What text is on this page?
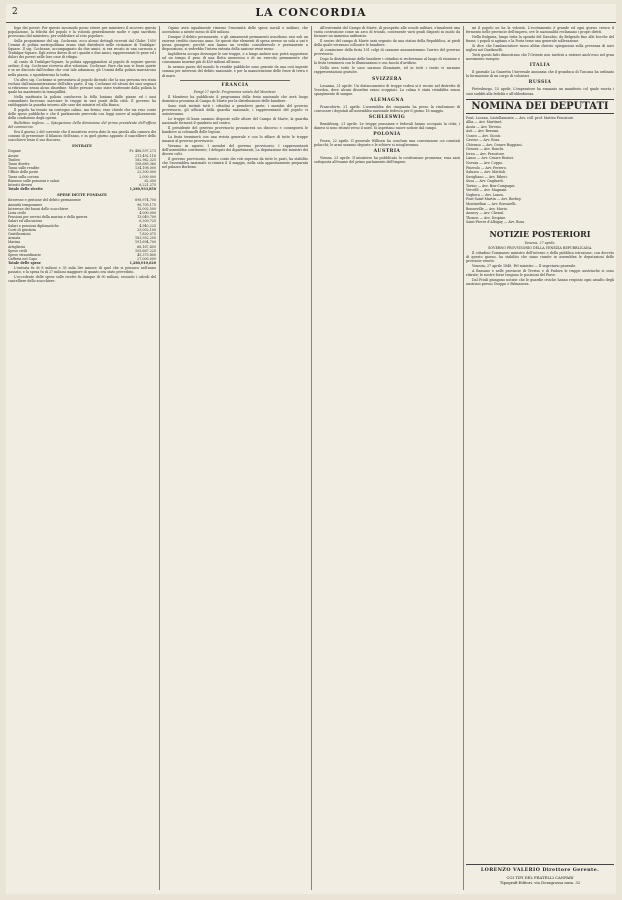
2	LA CONCORDIA

lego dei poveri. Per questo incomodo posso estere per ministero il sicovero questa popolazione, la felicità del popolo e la volontà generalmente molte e ogni sacrifizio provocano dal ministero, per soddisfare al voto popolare.

Sulla proposizione del sig. Cochrane, ecco alcuni dettagli ricevuti dal Globe: 1050 Uomini di polizia metropolitana erano stati distribuiti nelle vicinanze di Trafalgar-Square. Il sig. Cochrane, accompagnato da due amici, si era recato in una carrozza a Trafalgar-Square. Egli aveva dietro di sè i quadri e due amici, rappresentati le pene ed i dolori dei poveri nelle loro case di rifugio.

Al canto di Trafalgar-Square, la polizia appoggiandosi al popolo di seguire questo ordine; il sig. Cochrane riceveva altri volontari, Cochrane. Pare che non vi fosse quiete e se ne discosto dall'ordine che così tale adunanza, gli Uomini della polizia marciarono nella piazza, e sgombrarono la turba.

Un altro sig. Cochrane si presentava al popolo dicendo che la sua persona era stata esclusa dall'amministrazione dell'altra parte, il sig. Cochrane ed alcuni dei suoi seguaci si ritirarono senza alcun disordine. Molte persone sono state trattenute dalla polizia la quale ha mantenuto la tranquillità.

Nella mattinata la polizia conduceva la folla lontano dalle piazze ed i suoi comandanti facevano marciare le truppe in vari punti della città. Il governo ha raddoppiato la guardia intorno alle case dei ministri ed alla Banca.

Il popolo ha tenuto un contegno calmo, ma fermo; esso chiede che sia reso conto delle spese pubbliche e che il parlamento provveda con leggi nuove al miglioramento della condizione degli operai.

Bullettino inglese. — Spiegazione della dimissione del primo presidente dell'ufficio del commercio.

Era il giorno 2 del corrente che il ministero aveva dato la sua parola alla camera dei comuni di presentare il bilancio dell'anno, e in quel giorno appunto il cancelliere dello scacchiere lesse il suo discorso.

ENTRATE
Dogane	Fr. 488,597,273
Assise	211,492,116
Timbro	182,962,325
Tasse dirette	108,689,360
Tassa sulle rendite	134,108,000
Uffizio delle poste	22,300,000
Tassa sulla corona	2,000,000
Rimesse sulle pensioni e salari	62,000
Introiti diversi	6,221,275
Totale delle ricette	1,280,933,850
SPESE DETTE FONDATE
Interesse e gestione del debito permanente	698,974,700
Annuità temporanee	96,705,175
Interesse dei buoni dello scacchiere	15,002,500
Lista civile	4,000,000
Pensioni per servizi della marina e della guerra	13,049,700
Salari ed allocazioni	6,309,725
Salari e pensioni diplomatiche	4,940,225
Corti di giustizia	25,002,100
Gratificazioni	7,820,075
Armata	183,952,200
Marina	191,694,700
Artiglieria	68,167,450
Spese civili	105,667,225
Spese straordinarie	45,375,800
Cafferia nel Capo	27,000,000
Totale delle spese	1,280,010,620

L'entrata fu di 8 milioni e 35 mila lire minore di quel che si pensava nell'anno passato, e la spesa fu di 27 milioni maggiore di quanto era stato preveduto.

L'eccedente delle spese sulle ricette fu dunque di 90 milioni, secondo i calcoli del cancelliere dello scacchiere.

Oguno avrà ugualmente rimesso l'enormità delle spese navali e militari, che ascendono a niente meno di 456 milioni.

Dunque il debito permanente, e gli armamenti permanenti assorbono essi soli un enorme credito ciascuno anno. Se questi due elementi di spesa avesse su sola a uni e possa giungere, perchè non hanno un credito considerevole e permanente a disposizione, si vedrebbe l'intera entrata della nazione venir meno.

Inghilterra occupa dovunque le sue truppe, e a lungo andare non potrà sopportare ad un tempo il peso di una flotta numerosa e di un esercito permanente che consumano insieme più di 450 milioni all'anno.

In nessun paese del mondo le rendite pubbliche sono gravate da una così ingente somma per interessi del debito nazionale, e per la manutenzione delle forze di terra e di mare.

FRANCIA

Parigi 27 aprile. Programma votato dal Moniteur.

Il Moniteur ha pubblicato il programma della festa nazionale che avrà luogo domenica prossima al Campo di Marte per la distribuzione delle bandiere.

Sono stati invitati tutti i cittadini a prendervi parte; i membri del governo provvisorio, gli ufficiali della guardia nazionale, i rappresentanti del popolo vi assisteranno.

Le truppe di linea saranno disposte sulle alture del Campo di Marte, la guardia nazionale formerà il quadrato nel centro.

Il presidente del governo provvisorio pronuncerà un discorso e consegnerà le bandiere ai colonnelli delle legioni.

La festa terminerà con una rivista generale e con lo sfilare di tutte le truppe innanzi al governo provvisorio.

Versano in agosto: I membri del governo provvisorio; I rappresentanti dell'assemblea costituente; I delegati dei dipartimenti; La deputazione dei ministri dei diversi culti.

Il governo provvisorio, tenuto conto dei voti espressi da tutte le parti, ha stabilito che l'assemblea nazionale si riunirà il 4 maggio, nella sala appositamente preparata nel palazzo Borbone.

All'estremità del Campo di Marte, di prospetto alle scuole militari, s'innalzerà una vasta costruzione come un arco di trionfo, contenente varii gradi disposti in modo da formare un immenso anfiteatro.

Il centro del campo di Marte sarà segnato da una statua della Repubblica, ai piedi della quale verranno collocate le bandiere.

Al cominciare della festa 101 colpi di cannone annunzieranno l'arrivo del governo provvisorio.

Dopo la distribuzione delle bandiere i cittadini si recheranno al luogo di riunione e la festa terminerà con le illuminazioni e con fuochi d'artifizio.

Nella sera tutte le case saranno illuminate, ed in tutti i teatri vi saranno rappresentazioni gratuite.

SVIZZERA

Losanna, 21 aprile. Un distaccamento di truppe vodesi si è recato nel distretto di Yverdon, dove alcuni disordini erano scoppiati. La calma è stata ristabilita senza spargimento di sangue.

ALEMAGNA

Francoforte, 21 aprile. L'assemblea dei cinquanta ha preso la risoluzione di convocare i deputati all'assemblea nazionale tedesca per il giorno 18 maggio.

SCHLESWIG

Rendsburg, 21 aprile. Le truppe prussiane e federali hanno occupato la città; i danesi si sono ritirati verso il nord. Si aspettano nuove notizie dal campo.

POLONIA

Posen, 22 aprile. Il generale Willisen ha concluso una convenzione coi comitati polacchi; le armi saranno deposte e le schiere si scioglieranno.

AUSTRIA

Vienna, 23 aprile. Il ministero ha pubblicato la costituzione promessa; essa sarà sottoposta all'esame del primo parlamento dell'impero.

mi il popolo ne ha la volontà. L'eccitamento è grande ed ogni giorno cresce il fermento nelle provincie dell'impero, ove le nazionalità reclamano i propri diritti.

Nella Bulgaria, lungo tutta la sponda del Danubio, da Belgrado fino alle bocche del fiume, i popoli si agitano e la Porta teme una generale sollevazione.

Si dice che l'ambasciatore russo abbia chiesto spiegazioni sulla presenza di navi inglesi nei Dardanelli.

Tutti questi fatti dimostrano che l'Oriente non tarderà a entrare anch'esso nel gran movimento europeo.

ITALIA

Il giornale La Gazzetta Universale annunzia che il granduca di Toscana ha ordinato la formazione di un corpo di volontari.

RUSSIA

Pietroburgo, 15 aprile. L'imperatore ha emanato un manifesto col quale esorta i suoi sudditi alla fedeltà e all'obbedienza.

NOMINA DEI DEPUTATI
Pont, Locana, Castellamonte — Avv. coll. prof. Matteo Pescatore.
Alba — Avv. Martinet.
Aosta — Avv. Teresio.
Asti — Avv. Bersani.
Cuneo — Avv. Gionti.
Cavour — Avv. Rosa.
Chivasso — Avv. Cesare Boggiani.
Genova — Avv. Ronchi.
Ivrea — Avv. Pescatore.
Lanzo — Avv. Cesare Ristori.
Novara — Avv. Coppa.
Pinerolo — Avv. Ferrero.
Saluzzo — Avv. Mattioli.
Savigliano — Avv. Riberi.
Susa — Avv. Gagliardi.
Torino — Avv. Bon-Compagni.
Vercelli — Avv. Magnani.
Voghera — Avv. Lanza.
Pont-Saint-Martin — Avv. Borbey.
Montmélian — Avv. Borsarelli.
Bonneville — Avv. Marin.
Annecy — Avv. Chenal.
Thonon — Avv. Despine.
Saint-Pierre d'Albigny — Avv. Rosa.
NOTIZIE POSTERIORI

Venezia, 27 aprile.

GOVERNO PROVVISORIO DELLA VENEZIA REPUBBLICANA.

Il cittadino Tommaseo ministro dell'interno e della pubblica istruzione, con decreto di questo giorno, ha stabilito che siano riunite in assemblea le deputazioni delle provincie venete.

Venezia, 27 aprile 1848. Pel ministro — Il segretario generale.

A Bassano e nelle provincie di Treviso e di Padova le truppe austriache si sono ritirate; le nostre forze tengono le posizioni del Piave.

Dal Friuli giungono notizie che le guardie civiche hanno respinto ogni assalto degli austriaci presso Osoppo e Palmanova.

LORENZO VALERIO Direttore Gerente.
COI TIPI DEL FRATELLI CANFARI
Tipografi-Editori, via Doragrossa num. 32
